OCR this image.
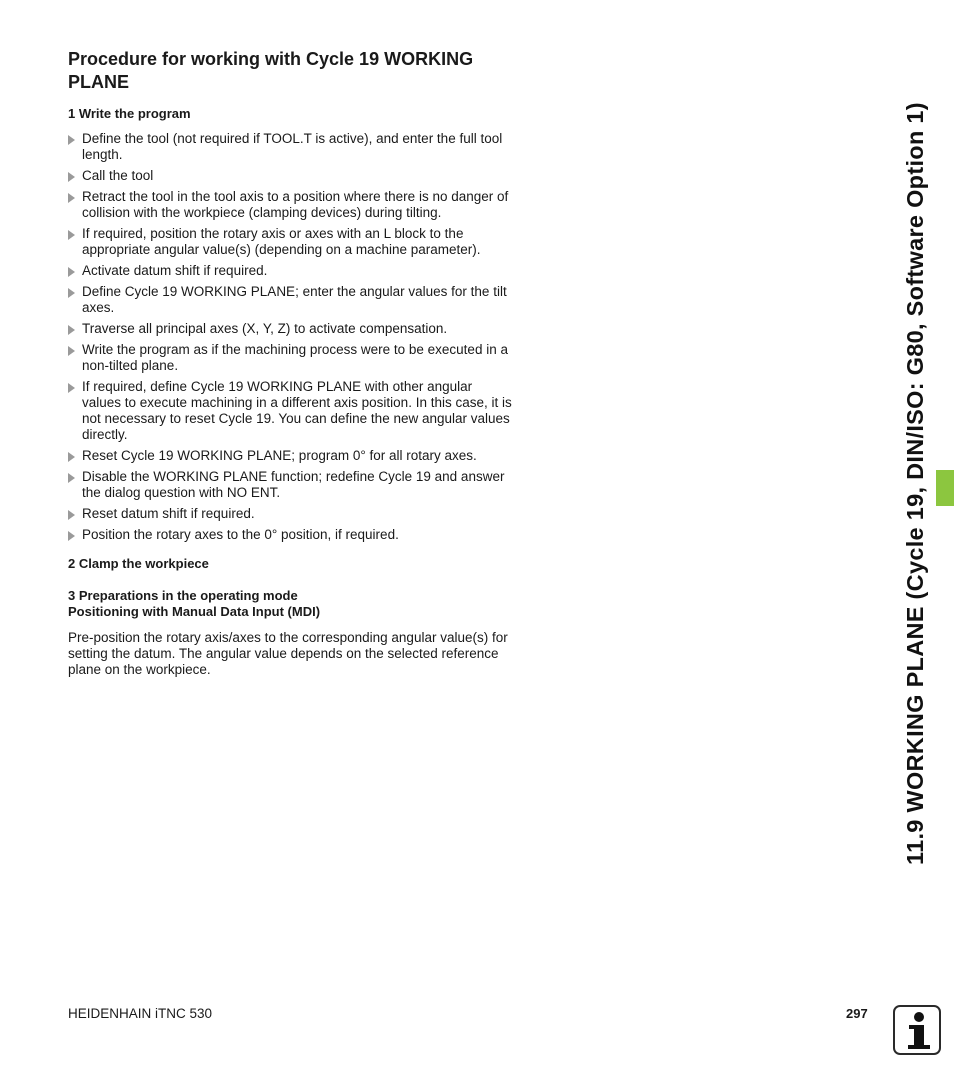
Procedure for working with Cycle 19 WORKING PLANE
1 Write the program
Define the tool (not required if TOOL.T is active), and enter the full tool length.
Call the tool
Retract the tool in the tool axis to a position where there is no danger of collision with the workpiece (clamping devices) during tilting.
If required, position the rotary axis or axes with an L block to the appropriate angular value(s) (depending on a machine parameter).
Activate datum shift if required.
Define Cycle 19 WORKING PLANE; enter the angular values for the tilt axes.
Traverse all principal axes (X, Y, Z) to activate compensation.
Write the program as if the machining process were to be executed in a non-tilted plane.
If required, define Cycle 19 WORKING PLANE with other angular values to execute machining in a different axis position. In this case, it is not necessary to reset Cycle 19. You can define the new angular values directly.
Reset Cycle 19 WORKING PLANE; program 0° for all rotary axes.
Disable the WORKING PLANE function; redefine Cycle 19 and answer the dialog question with NO ENT.
Reset datum shift if required.
Position the rotary axes to the 0° position, if required.
2 Clamp the workpiece
3 Preparations in the operating mode
Positioning with Manual Data Input (MDI)

Pre-position the rotary axis/axes to the corresponding angular value(s) for setting the datum. The angular value depends on the selected reference plane on the workpiece.	11.9 WORKING PLANE (Cycle 19, DIN/ISO: G80, Software Option 1)
HEIDENHAIN iTNC 530	297
